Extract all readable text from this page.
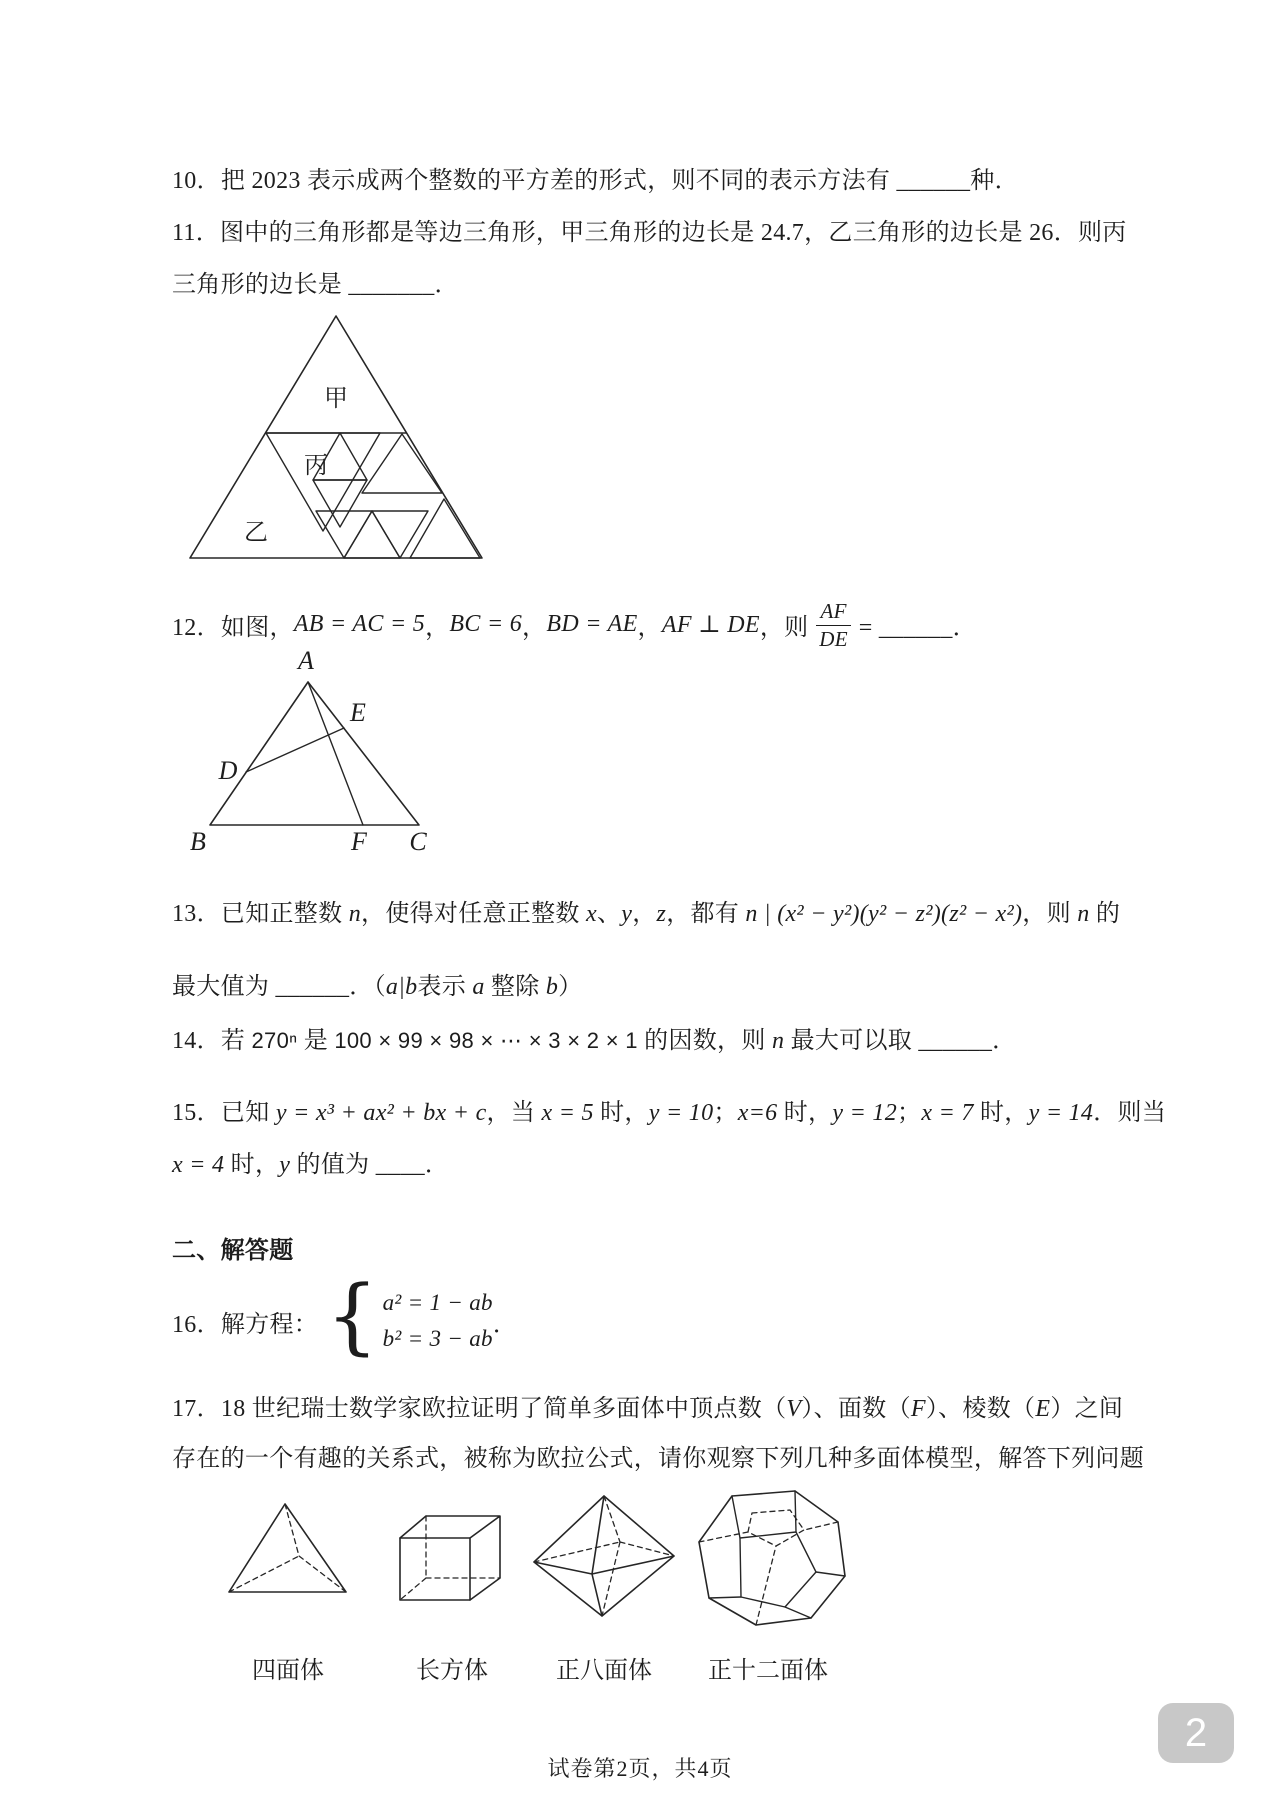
10．把 2023 表示成两个整数的平方差的形式，则不同的表示方法有 ______种．
11．图中的三角形都是等边三角形，甲三角形的边长是 24.7，乙三角形的边长是 26．则丙
三角形的边长是 _______．
甲
丙
乙
12．如图， AB = AC = 5 ， BC = 6 ， BD = AE ， AF ⊥ DE ，则 $\frac{AF}{DE}$ = ______．
A
B	C
D
E
F
13．已知正整数 n，使得对任意正整数 x、y，z，都有 n | (x² − y²)(y² − z²)(z² − x²)，则 n 的
最大值为 ______．（a|b表示 a 整除 b）
14．若 270ⁿ 是 100 × 99 × 98 × ⋯ × 3 × 2 × 1 的因数，则 n 最大可以取 ______．
15．已知 y = x³ + ax² + bx + c，当 x = 5 时，y = 10；x=6 时，y = 12；x = 7 时，y = 14．则当
x = 4 时，y 的值为 ____．
二、解答题
16．解方程： { a² = 1 − ab
b² = 3 − ab
．
17．18 世纪瑞士数学家欧拉证明了简单多面体中顶点数（V）、面数（F）、棱数（E）之间
存在的一个有趣的关系式，被称为欧拉公式，请你观察下列几种多面体模型，解答下列问题
四面体	长方体	正八面体 正十二面体
试卷第2页，共4页
2
